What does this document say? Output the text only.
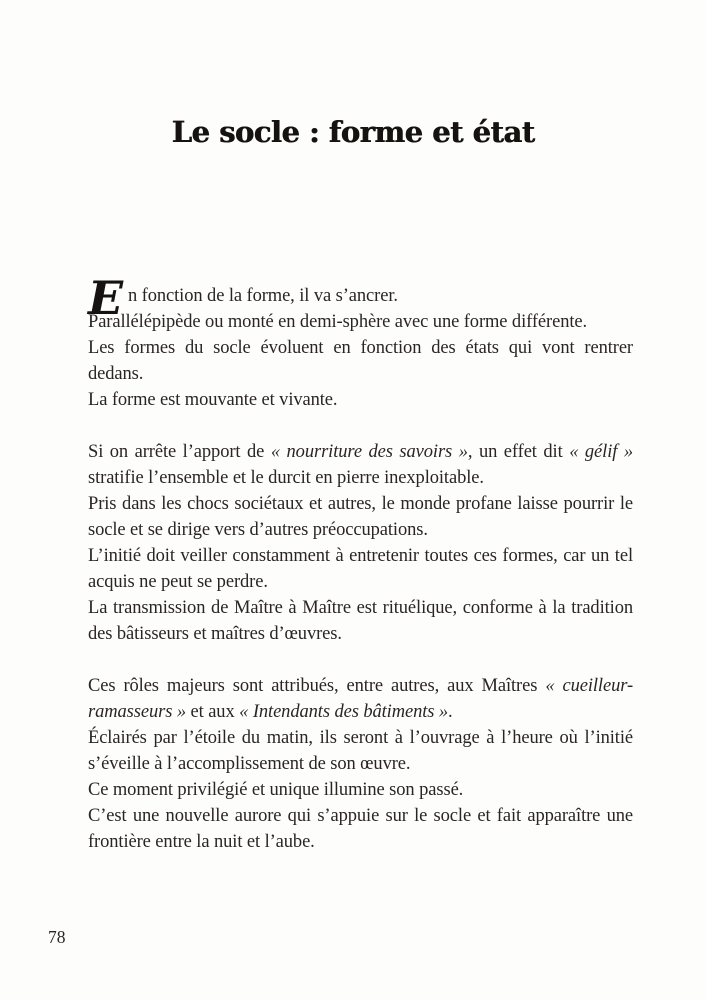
Le socle : forme et état

En fonction de la forme, il va s’ancrer.

Parallélépipède ou monté en demi-sphère avec une forme différente.

Les formes du socle évoluent en fonction des états qui vont rentrer dedans.

La forme est mouvante et vivante.

Si on arrête l’apport de « nourriture des savoirs », un effet dit « gélif » stratifie l’ensemble et le durcit en pierre inexploitable.

Pris dans les chocs sociétaux et autres, le monde profane laisse pourrir le socle et se dirige vers d’autres préoccupations.

L’initié doit veiller constamment à entretenir toutes ces formes, car un tel acquis ne peut se perdre.

La transmission de Maître à Maître est rituélique, conforme à la tradition des bâtisseurs et maîtres d’œuvres.

Ces rôles majeurs sont attribués, entre autres, aux Maîtres « cueilleur-ramasseurs » et aux « Intendants des bâtiments ».

Éclairés par l’étoile du matin, ils seront à l’ouvrage à l’heure où l’initié s’éveille à l’accomplissement de son œuvre.

Ce moment privilégié et unique illumine son passé.

C’est une nouvelle aurore qui s’appuie sur le socle et fait apparaître une frontière entre la nuit et l’aube.

78
